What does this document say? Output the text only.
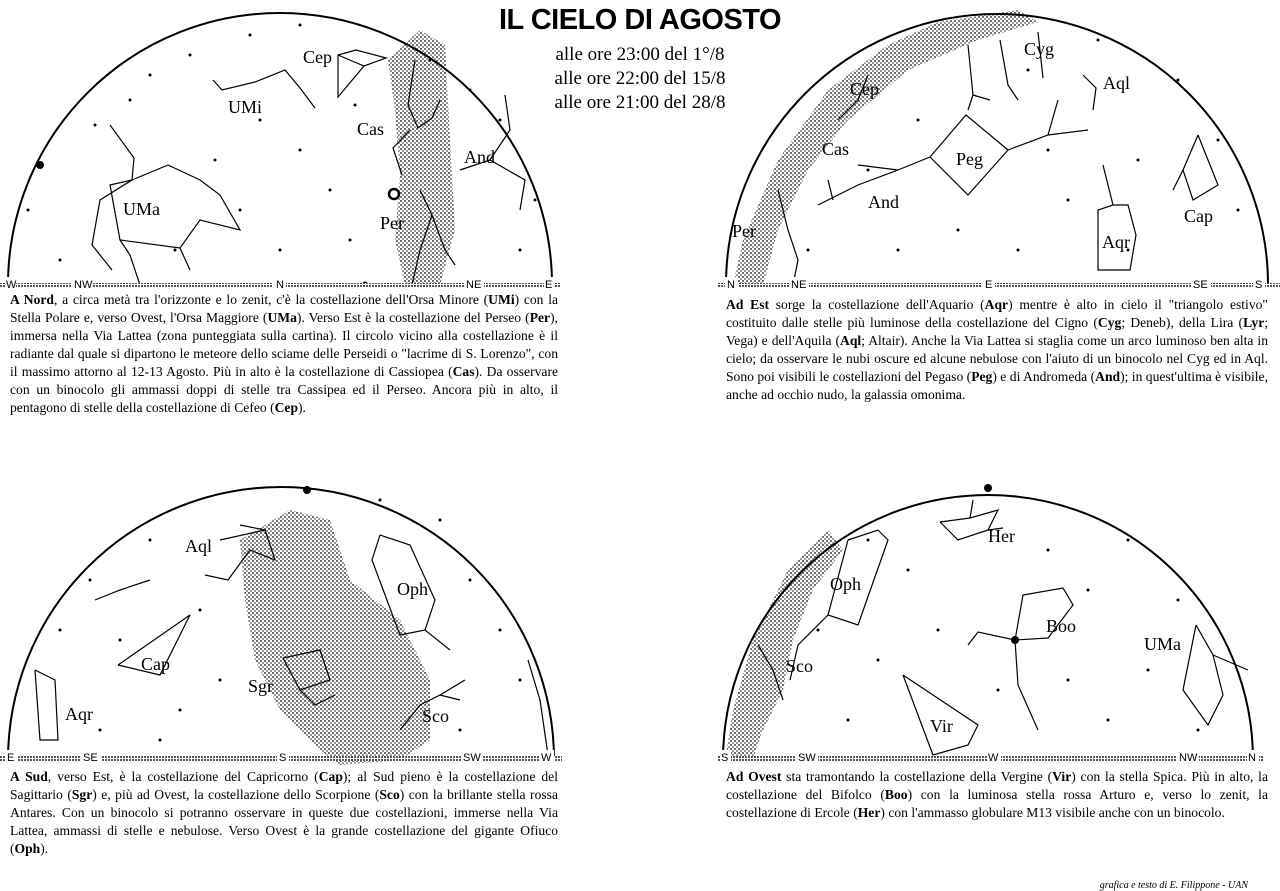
IL CIELO DI AGOSTO
alle ore 23:00 del 1°/8
alle ore 22:00 del 15/8
alle ore 21:00 del 28/8
Cep
UMi
Cas
And
UMa
Per
W	NW	N	NE	E
Cyg
Aql
Cep
Cas	Peg
And
Cap
Per
Aqr
N	NE	E	SE	S
Aql
Oph
Cap
Sgr
Sco
Aqr
E	SE	S	SW	W
Her
Oph
Boo
UMa
Sco
Vir
S	SW	W	NW	N
A Nord, a circa metà tra l'orizzonte e lo zenit, c'è la costellazione dell'Orsa Minore (UMi) con la Stella Polare e, verso Ovest, l'Orsa Maggiore (UMa). Verso Est è la costellazione del Perseo (Per), immersa nella Via Lattea (zona punteggiata sulla cartina). Il circolo vicino alla costellazione è il radiante dal quale si dipartono le meteore dello sciame delle Perseidi o "lacrime di S. Lorenzo", con il massimo attorno al 12-13 Agosto. Più in alto è la costellazione di Cassiopea (Cas). Da osservare con un binocolo gli ammassi doppi di stelle tra Cassipea ed il Perseo. Ancora più in alto, il pentagono di stelle della costellazione di Cefeo (Cep).
Ad Est sorge la costellazione dell'Aquario (Aqr) mentre è alto in cielo il "triangolo estivo" costituito dalle stelle più luminose della costellazione del Cigno (Cyg; Deneb), della Lira (Lyr; Vega) e dell'Aquila (Aql; Altair). Anche la Via Lattea si staglia come un arco luminoso ben alta in cielo; da osservare le nubi oscure ed alcune nebulose con l'aiuto di un binocolo nel Cyg ed in Aql. Sono poi visibili le costellazioni del Pegaso (Peg) e di Andromeda (And); in quest'ultima è visibile, anche ad occhio nudo, la galassia omonima.
A Sud, verso Est, è la costellazione del Capricorno (Cap); al Sud pieno è la costellazione del Sagittario (Sgr) e, più ad Ovest, la costellazione dello Scorpione (Sco) con la brillante stella rossa Antares. Con un binocolo si potranno osservare in queste due costellazioni, immerse nella Via Lattea, ammassi di stelle e nebulose. Verso Ovest è la grande costellazione del gigante Ofiuco (Oph).
Ad Ovest sta tramontando la costellazione della Vergine (Vir) con la stella Spica. Più in alto, la costellazione del Bifolco (Boo) con la luminosa stella rossa Arturo e, verso lo zenit, la costellazione di Ercole (Her) con l'ammasso globulare M13 visibile anche con un binocolo.
grafica e testo di E. Filippone - UAN
